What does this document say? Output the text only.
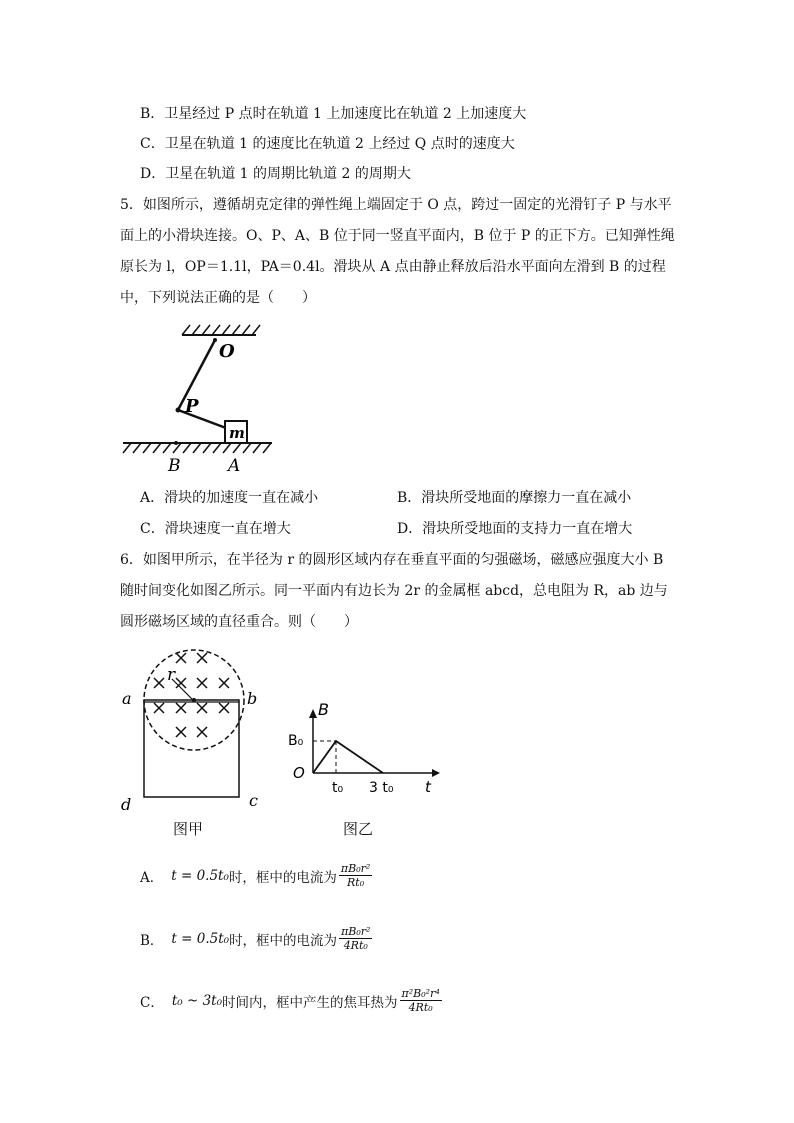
B．卫星经过 P 点时在轨道 1 上加速度比在轨道 2 上加速度大
C．卫星在轨道 1 的速度比在轨道 2 上经过 Q 点时的速度大
D．卫星在轨道 1 的周期比轨道 2 的周期大
5．如图所示，遵循胡克定律的弹性绳上端固定于 O 点，跨过一固定的光滑钉子 P 与水平面上的小滑块连接。O、P、A、B 位于同一竖直平面内，B 位于 P 的正下方。已知弹性绳原长为 l，OP＝1.1l，PA＝0.4l。滑块从 A 点由静止释放后沿水平面向左滑到 B 的过程中，下列说法正确的是（　　）
O
P
m
B	A
A．滑块的加速度一直在减小	B．滑块所受地面的摩擦力一直在减小
C．滑块速度一直在增大	D．滑块所受地面的支持力一直在增大
6．如图甲所示，在半径为 r 的圆形区域内存在垂直平面的匀强磁场，磁感应强度大小 B 随时间变化如图乙所示。同一平面内有边长为 2r 的金属框 abcd，总电阻为 R，ab 边与圆形磁场区域的直径重合。则（　　）
a	b
c
d
r
图甲
B
B₀
O
t₀ 3 t₀ t
图乙
A． t = 0.5t₀ 时，框中的电流为 $\frac{\text{πB₀r²}}{\text{Rt₀}}$
B． t = 0.5t₀ 时，框中的电流为 $\frac{\text{πB₀r²}}{\text{4Rt₀}}$
C． t₀ ~ 3t₀ 时间内，框中产生的焦耳热为 $\frac{\text{π²B₀²r⁴}}{\text{4Rt₀}}$
